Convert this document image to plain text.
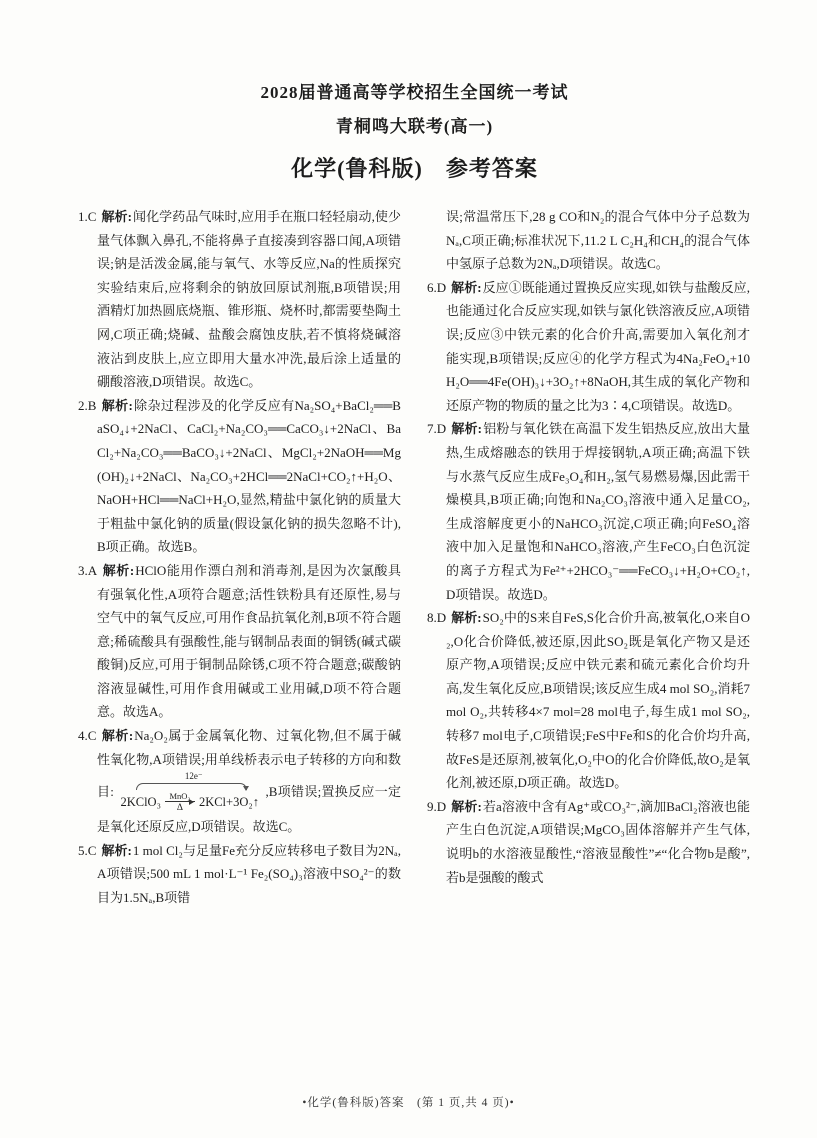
2028届普通高等学校招生全国统一考试
青桐鸣大联考(高一)
化学(鲁科版)　参考答案

1.C 解析:闻化学药品气味时,应用手在瓶口轻轻扇动,使少量气体飘入鼻孔,不能将鼻子直接凑到容器口闻,A项错误;钠是活泼金属,能与氧气、水等反应,Na的性质探究实验结束后,应将剩余的钠放回原试剂瓶,B项错误;用酒精灯加热圆底烧瓶、锥形瓶、烧杯时,都需要垫陶土网,C项正确;烧碱、盐酸会腐蚀皮肤,若不慎将烧碱溶液沾到皮肤上,应立即用大量水冲洗,最后涂上适量的硼酸溶液,D项错误。故选C。

2.B 解析:除杂过程涉及的化学反应有Na₂SO₄+BaCl₂══BaSO₄↓+2NaCl、CaCl₂+Na₂CO₃══CaCO₃↓+2NaCl、BaCl₂+Na₂CO₃══BaCO₃↓+2NaCl、MgCl₂+2NaOH══Mg(OH)₂↓+2NaCl、Na₂CO₃+2HCl══2NaCl+CO₂↑+H₂O、NaOH+HCl══NaCl+H₂O,显然,精盐中氯化钠的质量大于粗盐中氯化钠的质量(假设氯化钠的损失忽略不计),B项正确。故选B。

3.A 解析:HClO能用作漂白剂和消毒剂,是因为次氯酸具有强氧化性,A项符合题意;活性铁粉具有还原性,易与空气中的氧气反应,可用作食品抗氧化剂,B项不符合题意;稀硫酸具有强酸性,能与钢制品表面的铜锈(碱式碳酸铜)反应,可用于铜制品除锈,C项不符合题意;碳酸钠溶液显碱性,可用作食用碱或工业用碱,D项不符合题意。故选A。

4.C 解析:Na₂O₂属于金属氧化物、过氧化物,但不属于碱性氧化物,A项错误;用单线桥表示电子转移的方向和数目:
12e⁻
2KClO₃ MnO₂
Δ 2KCl+3O₂↑
,B项错误;置换反应一定是氧化还原反应,D项错误。故选C。

5.C 解析:1 mol Cl₂与足量Fe充分反应转移电子数目为2Nₐ,A项错误;500 mL 1 mol·L⁻¹ Fe₂(SO₄)₃溶液中SO₄²⁻的数目为1.5Nₐ,B项错

误;常温常压下,28 g CO和N₂的混合气体中分子总数为Nₐ,C项正确;标准状况下,11.2 L C₂H₄和CH₄的混合气体中氢原子总数为2Nₐ,D项错误。故选C。

6.D 解析:反应①既能通过置换反应实现,如铁与盐酸反应,也能通过化合反应实现,如铁与氯化铁溶液反应,A项错误;反应③中铁元素的化合价升高,需要加入氧化剂才能实现,B项错误;反应④的化学方程式为4Na₂FeO₄+10H₂O══4Fe(OH)₃↓+3O₂↑+8NaOH,其生成的氧化产物和还原产物的物质的量之比为3∶4,C项错误。故选D。

7.D 解析:铝粉与氧化铁在高温下发生铝热反应,放出大量热,生成熔融态的铁用于焊接钢轨,A项正确;高温下铁与水蒸气反应生成Fe₃O₄和H₂,氢气易燃易爆,因此需干燥模具,B项正确;向饱和Na₂CO₃溶液中通入足量CO₂,生成溶解度更小的NaHCO₃沉淀,C项正确;向FeSO₄溶液中加入足量饱和NaHCO₃溶液,产生FeCO₃白色沉淀的离子方程式为Fe²⁺+2HCO₃⁻══FeCO₃↓+H₂O+CO₂↑,D项错误。故选D。

8.D 解析:SO₂中的S来自FeS,S化合价升高,被氧化,O来自O₂,O化合价降低,被还原,因此SO₂既是氧化产物又是还原产物,A项错误;反应中铁元素和硫元素化合价均升高,发生氧化反应,B项错误;该反应生成4 mol SO₂,消耗7 mol O₂,共转移4×7 mol=28 mol电子,每生成1 mol SO₂,转移7 mol电子,C项错误;FeS中Fe和S的化合价均升高,故FeS是还原剂,被氧化,O₂中O的化合价降低,故O₂是氧化剂,被还原,D项正确。故选D。

9.D 解析:若a溶液中含有Ag⁺或CO₃²⁻,滴加BaCl₂溶液也能产生白色沉淀,A项错误;MgCO₃固体溶解并产生气体,说明b的水溶液显酸性,“溶液显酸性”≠“化合物b是酸”,若b是强酸的酸式

•化学(鲁科版)答案　(第 1 页,共 4 页)•
